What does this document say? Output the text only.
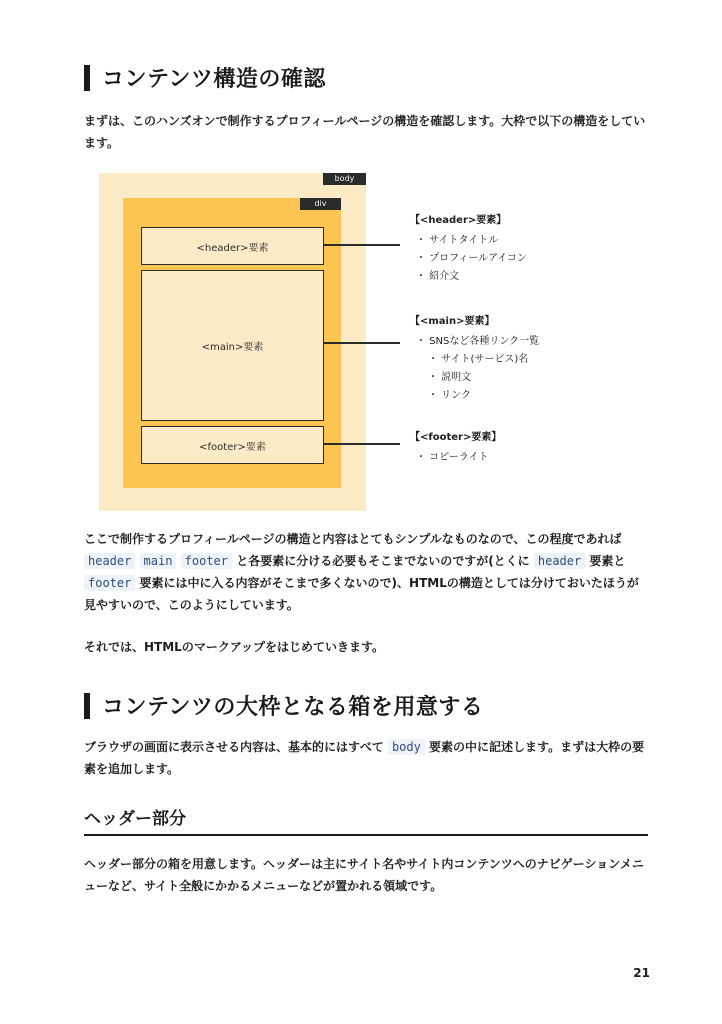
コンテンツ構造の確認
まずは、このハンズオンで制作するプロフィールページの構造を確認します。大枠で以下の構造をしています。
body
div
<header>要素
<main>要素
<footer>要素
【<header>要素】
・ サイトタイトル
・ プロフィールアイコン
・ 紹介文
【<main>要素】
・ SNSなど各種リンク一覧
・ サイト(サービス)名
・ 説明文
・ リンク
【<footer>要素】
・ コピーライト
ここで制作するプロフィールページの構造と内容はとてもシンプルなものなので、この程度であれば
header main footer と各要素に分ける必要もそこまでないのですが(とくに header 要素と footer 要素には中に入る内容がそこまで多くないので)、HTMLの構造としては分けておいたほうが見やすいので、このようにしています。
それでは、HTMLのマークアップをはじめていきます。
コンテンツの大枠となる箱を用意する
ブラウザの画面に表示させる内容は、基本的にはすべて body 要素の中に記述します。まずは大枠の要素を追加します。
ヘッダー部分
ヘッダー部分の箱を用意します。ヘッダーは主にサイト名やサイト内コンテンツへのナビゲーションメニューなど、サイト全般にかかるメニューなどが置かれる領域です。
21
